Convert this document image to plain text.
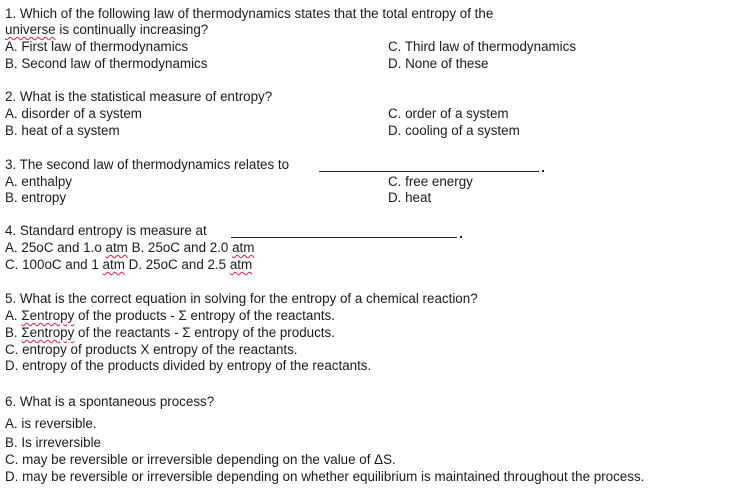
1. Which of the following law of thermodynamics states that the total entropy of the
universe is continually increasing?
A. First law of thermodynamics
B. Second law of thermodynamics
C. Third law of thermodynamics
D. None of these
2. What is the statistical measure of entropy?
A. disorder of a system
B. heat of a system
C. order of a system
D. cooling of a system
3. The second law of thermodynamics relates to
A. enthalpy
B. entropy
C. free energy
D. heat
4. Standard entropy is measure at
A. 25oC and 1.o atm B. 25oC and 2.0 atm
C. 100oC and 1 atm D. 25oC and 2.5 atm
5. What is the correct equation in solving for the entropy of a chemical reaction?
A. Σentropy of the products - Σ entropy of the reactants.
B. Σentropy of the reactants - Σ entropy of the products.
C. entropy of products X entropy of the reactants.
D. entropy of the products divided by entropy of the reactants.
6. What is a spontaneous process?
A. is reversible.
B. Is irreversible
C. may be reversible or irreversible depending on the value of ΔS.
D. may be reversible or irreversible depending on whether equilibrium is maintained throughout the process.
